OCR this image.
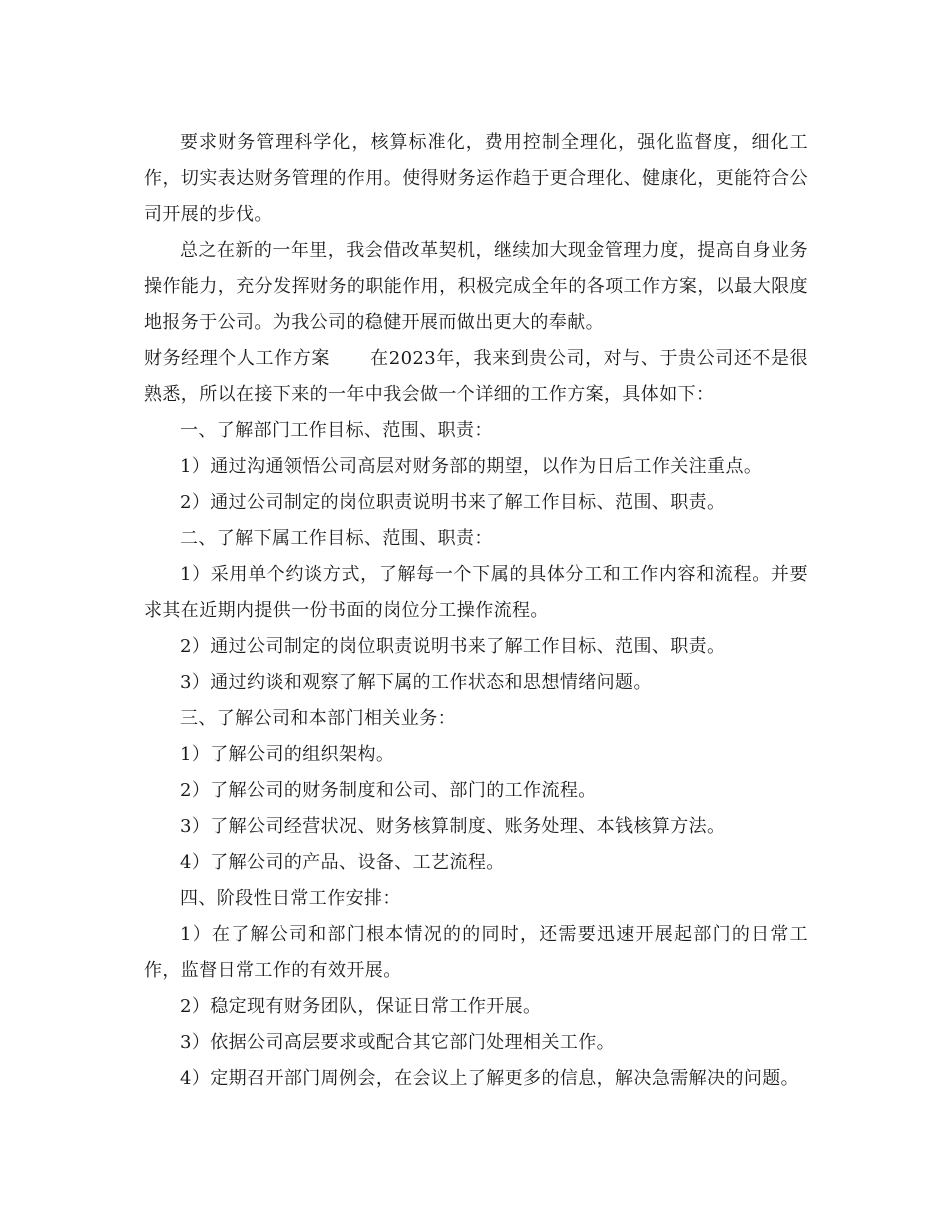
要求财务管理科学化，核算标准化，费用控制全理化，强化监督度，细化工作，切实表达财务管理的作用。使得财务运作趋于更合理化、健康化，更能符合公司开展的步伐。

总之在新的一年里，我会借改革契机，继续加大现金管理力度，提高自身业务操作能力，充分发挥财务的职能作用，积极完成全年的各项工作方案，以最大限度地报务于公司。为我公司的稳健开展而做出更大的奉献。

财务经理个人工作方案 在2023年，我来到贵公司，对与、于贵公司还不是很熟悉，所以在接下来的一年中我会做一个详细的工作方案，具体如下：

一、了解部门工作目标、范围、职责：

1）通过沟通领悟公司高层对财务部的期望，以作为日后工作关注重点。

2）通过公司制定的岗位职责说明书来了解工作目标、范围、职责。

二、了解下属工作目标、范围、职责：

1）采用单个约谈方式，了解每一个下属的具体分工和工作内容和流程。并要求其在近期内提供一份书面的岗位分工操作流程。

2）通过公司制定的岗位职责说明书来了解工作目标、范围、职责。

3）通过约谈和观察了解下属的工作状态和思想情绪问题。

三、了解公司和本部门相关业务：

1）了解公司的组织架构。

2）了解公司的财务制度和公司、部门的工作流程。

3）了解公司经营状况、财务核算制度、账务处理、本钱核算方法。

4）了解公司的产品、设备、工艺流程。

四、阶段性日常工作安排：

1）在了解公司和部门根本情况的的同时，还需要迅速开展起部门的日常工作，监督日常工作的有效开展。

2）稳定现有财务团队，保证日常工作开展。

3）依据公司高层要求或配合其它部门处理相关工作。

4）定期召开部门周例会，在会议上了解更多的信息，解决急需解决的问题。
